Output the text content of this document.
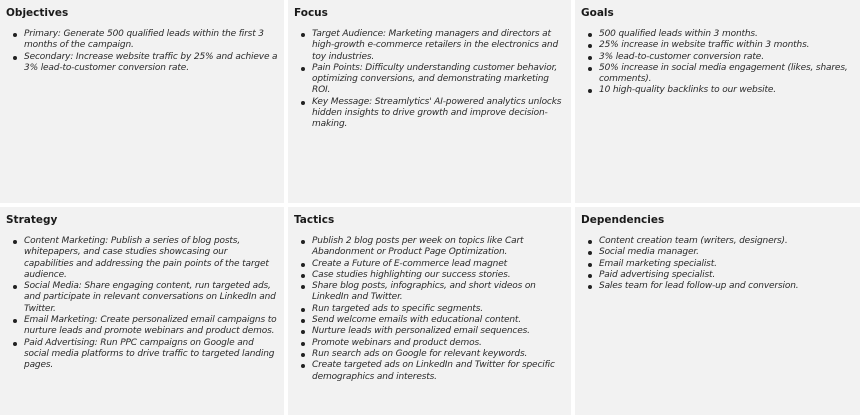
Objectives
Primary: Generate 500 qualified leads within the first 3 months of the campaign.
Secondary: Increase website traffic by 25% and achieve a 3% lead-to-customer conversion rate.
Focus
Target Audience: Marketing managers and directors at high-growth e-commerce retailers in the electronics and toy industries.
Pain Points: Difficulty understanding customer behavior, optimizing conversions, and demonstrating marketing ROI.
Key Message: Streamlytics' AI-powered analytics unlocks hidden insights to drive growth and improve decision-making.
Goals
500 qualified leads within 3 months.
25% increase in website traffic within 3 months.
3% lead-to-customer conversion rate.
50% increase in social media engagement (likes, shares, comments).
10 high-quality backlinks to our website.
Strategy
Content Marketing: Publish a series of blog posts, whitepapers, and case studies showcasing our capabilities and addressing the pain points of the target audience.
Social Media: Share engaging content, run targeted ads, and participate in relevant conversations on LinkedIn and Twitter.
Email Marketing: Create personalized email campaigns to nurture leads and promote webinars and product demos.
Paid Advertising: Run PPC campaigns on Google and social media platforms to drive traffic to targeted landing pages.
Tactics
Publish 2 blog posts per week on topics like Cart Abandonment or Product Page Optimization.
Create a Future of E-commerce lead magnet
Case studies highlighting our success stories.
Share blog posts, infographics, and short videos on LinkedIn and Twitter.
Run targeted ads to specific segments.
Send welcome emails with educational content.
Nurture leads with personalized email sequences.
Promote webinars and product demos.
Run search ads on Google for relevant keywords.
Create targeted ads on LinkedIn and Twitter for specific demographics and interests.
Dependencies
Content creation team (writers, designers).
Social media manager.
Email marketing specialist.
Paid advertising specialist.
Sales team for lead follow-up and conversion.
